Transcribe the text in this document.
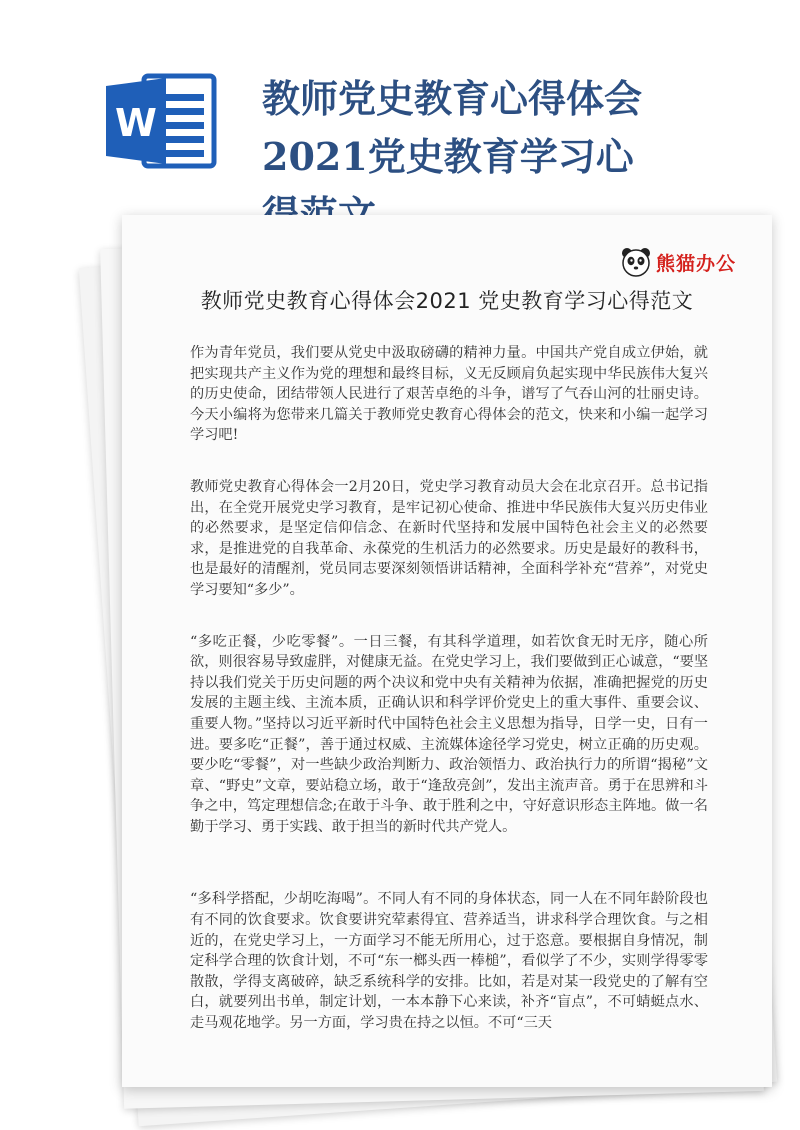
W
教师党史教育心得体会2021党史教育学习心
熊猫办公
教师党史教育心得体会2021 党史教育学习心得范文

作为青年党员，我们要从党史中汲取磅礴的精神力量。中国共产党自成立伊始，就把实现共产主义作为党的理想和最终目标，义无反顾肩负起实现中华民族伟大复兴的历史使命，团结带领人民进行了艰苦卓绝的斗争，谱写了气吞山河的壮丽史诗。今天小编将为您带来几篇关于教师党史教育心得体会的范文，快来和小编一起学习学习吧!

教师党史教育心得体会一2月20日，党史学习教育动员大会在北京召开。总书记指出，在全党开展党史学习教育，是牢记初心使命、推进中华民族伟大复兴历史伟业的必然要求，是坚定信仰信念、在新时代坚持和发展中国特色社会主义的必然要求，是推进党的自我革命、永葆党的生机活力的必然要求。历史是最好的教科书，也是最好的清醒剂，党员同志要深刻领悟讲话精神，全面科学补充“营养”，对党史学习要知“多少”。

“多吃正餐，少吃零餐”。一日三餐，有其科学道理，如若饮食无时无序，随心所欲，则很容易导致虚胖，对健康无益。在党史学习上，我们要做到正心诚意，“要坚持以我们党关于历史问题的两个决议和党中央有关精神为依据，准确把握党的历史发展的主题主线、主流本质，正确认识和科学评价党史上的重大事件、重要会议、重要人物。”坚持以习近平新时代中国特色社会主义思想为指导，日学一史，日有一进。要多吃“正餐”，善于通过权威、主流媒体途径学习党史，树立正确的历史观。要少吃“零餐”，对一些缺少政治判断力、政治领悟力、政治执行力的所谓“揭秘”文章、“野史”文章，要站稳立场，敢于“逢敌亮剑”，发出主流声音。勇于在思辨和斗争之中，笃定理想信念;在敢于斗争、敢于胜利之中，守好意识形态主阵地。做一名勤于学习、勇于实践、敢于担当的新时代共产党人。

“多科学搭配，少胡吃海喝”。不同人有不同的身体状态，同一人在不同年龄阶段也有不同的饮食要求。饮食要讲究荤素得宜、营养适当，讲求科学合理饮食。与之相近的，在党史学习上，一方面学习不能无所用心，过于恣意。要根据自身情况，制定科学合理的饮食计划，不可“东一榔头西一棒槌”，看似学了不少，实则学得零零散散，学得支离破碎，缺乏系统科学的安排。比如，若是对某一段党史的了解有空白，就要列出书单，制定计划，一本本静下心来读，补齐“盲点”，不可蜻蜓点水、走马观花地学。另一方面，学习贵在持之以恒。不可“三天
